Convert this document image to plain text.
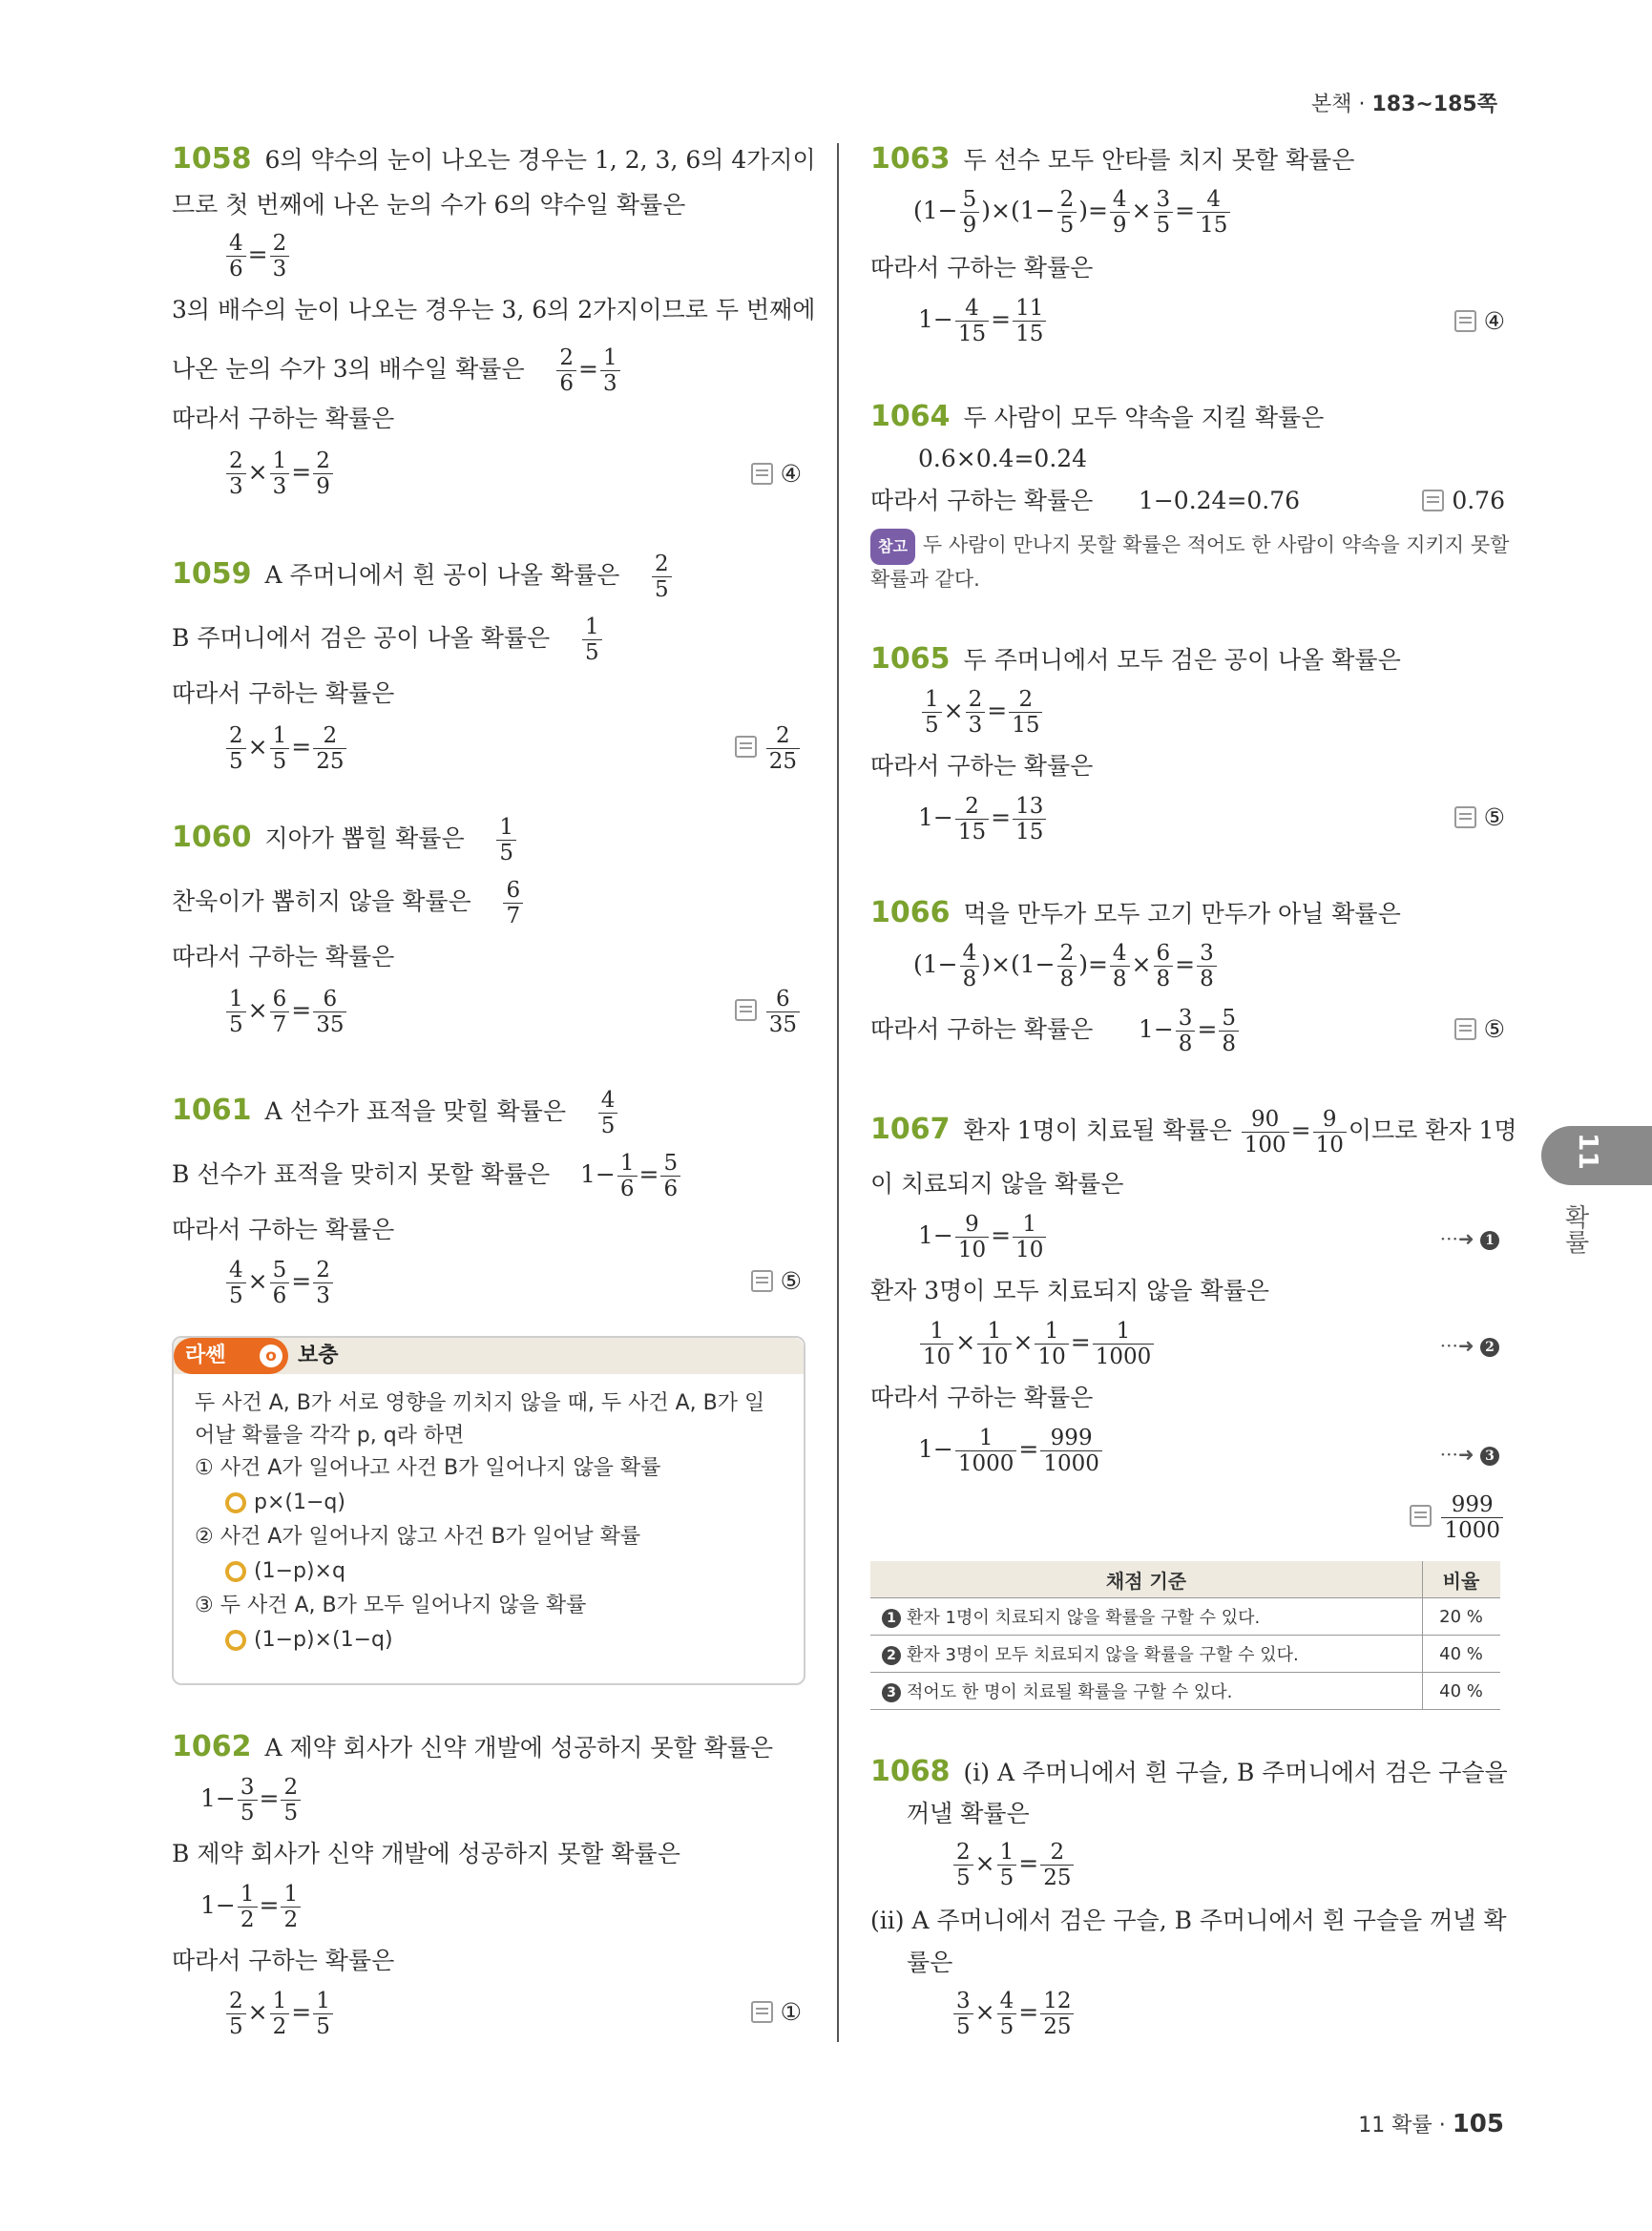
본책 · 183~185쪽
1058 6의 약수의 눈이 나오는 경우는 1, 2, 3, 6의 4가지이
므로 첫 번째에 나온 눈의 수가 6의 약수일 확률은
$\frac{4}{6} = \frac{2}{3}$
3의 배수의 눈이 나오는 경우는 3, 6의 2가지이므로 두 번째에
나온 눈의 수가 3의 배수일 확률은 $\frac{2}{6} = \frac{1}{3}$
따라서 구하는 확률은
$\frac{2}{3} \times \frac{1}{3} = \frac{2}{9}$	④
1059 A 주머니에서 흰 공이 나올 확률은 $\frac{2}{5}$
B 주머니에서 검은 공이 나올 확률은 $\frac{1}{5}$
따라서 구하는 확률은
$\frac{2}{5} \times \frac{1}{5} = \frac{2}{25}$	$\frac{2}{25}$
1060 지아가 뽑힐 확률은 $\frac{1}{5}$
찬욱이가 뽑히지 않을 확률은 $\frac{6}{7}$
따라서 구하는 확률은
$\frac{1}{5} \times \frac{6}{7} = \frac{6}{35}$	$\frac{6}{35}$
1061 A 선수가 표적을 맞힐 확률은 $\frac{4}{5}$
B 선수가 표적을 맞히지 못할 확률은    $1- \frac{1}{6} = \frac{5}{6}$
따라서 구하는 확률은
$\frac{4}{5} \times \frac{5}{6} = \frac{2}{3}$	⑤
라쎈	o 보충
두 사건 A, B가 서로 영향을 끼치지 않을 때, 두 사건 A, B가 일
어날 확률을 각각 p, q라 하면
① 사건 A가 일어나고 사건 B가 일어나지 않을 확률
p×(1−q)
② 사건 A가 일어나지 않고 사건 B가 일어날 확률
(1−p)×q
③ 두 사건 A, B가 모두 일어나지 않을 확률
(1−p)×(1−q)
1062 A 제약 회사가 신약 개발에 성공하지 못할 확률은
$1- \frac{3}{5} = \frac{2}{5}$
B 제약 회사가 신약 개발에 성공하지 못할 확률은
$1- \frac{1}{2} = \frac{1}{2}$
따라서 구하는 확률은
$\frac{2}{5} \times \frac{1}{2} = \frac{1}{5}$	①
1063 두 선수 모두 안타를 치지 못할 확률은
$(1- \frac{5}{9} )\times(1- \frac{2}{5}$ )= $\frac{4}{9} \times \frac{3}{5} = \frac{4}{15}$
따라서 구하는 확률은
$1- \frac{4}{15} = \frac{11}{15}$	④
1064 두 사람이 모두 약속을 지킬 확률은
0.6×0.4=0.24
따라서 구하는 확률은 1−0.24=0.76	0.76
참고 두 사람이 만나지 못할 확률은 적어도 한 사람이 약속을 지키지 못할
확률과 같다.
1065 두 주머니에서 모두 검은 공이 나올 확률은
$\frac{1}{5} \times \frac{2}{3} = \frac{2}{15}$
따라서 구하는 확률은
$1- \frac{2}{15} = \frac{13}{15}$	⑤
1066 먹을 만두가 모두 고기 만두가 아닐 확률은
$(1- \frac{4}{8} )\times(1- \frac{2}{8}$ )= $\frac{4}{8} \times \frac{6}{8} = \frac{3}{8}$
따라서 구하는 확률은      $1- \frac{3}{8} = \frac{5}{8}$	⑤
1067 환자 1명이 치료될 확률은 $\frac{90}{100} = \frac{9}{10}$ 이므로 환자 1명
이 치료되지 않을 확률은
$1- \frac{9}{10} = \frac{1}{10}$	···➜ 1
환자 3명이 모두 치료되지 않을 확률은
$\frac{1}{10} \times \frac{1}{10} \times \frac{1}{10} = \frac{1}{1000}$	···➜ 2
따라서 구하는 확률은
$1- \frac{1}{1000} = \frac{999}{1000}$	···➜ 3
$\frac{999}{1000}$
채점 기준	비율
1 환자 1명이 치료되지 않을 확률을 구할 수 있다.	20 %
2 환자 3명이 모두 치료되지 않을 확률을 구할 수 있다.	40 %
3 적어도 한 명이 치료될 확률을 구할 수 있다.	40 %
1068 (ⅰ) A 주머니에서 흰 구슬, B 주머니에서 검은 구슬을
꺼낼 확률은
$\frac{2}{5} \times \frac{1}{5} = \frac{2}{25}$
(ⅱ) A 주머니에서 검은 구슬, B 주머니에서 흰 구슬을 꺼낼 확
률은
$\frac{3}{5} \times \frac{4}{5} = \frac{12}{25}$
11
확률
11 확률 · 105
